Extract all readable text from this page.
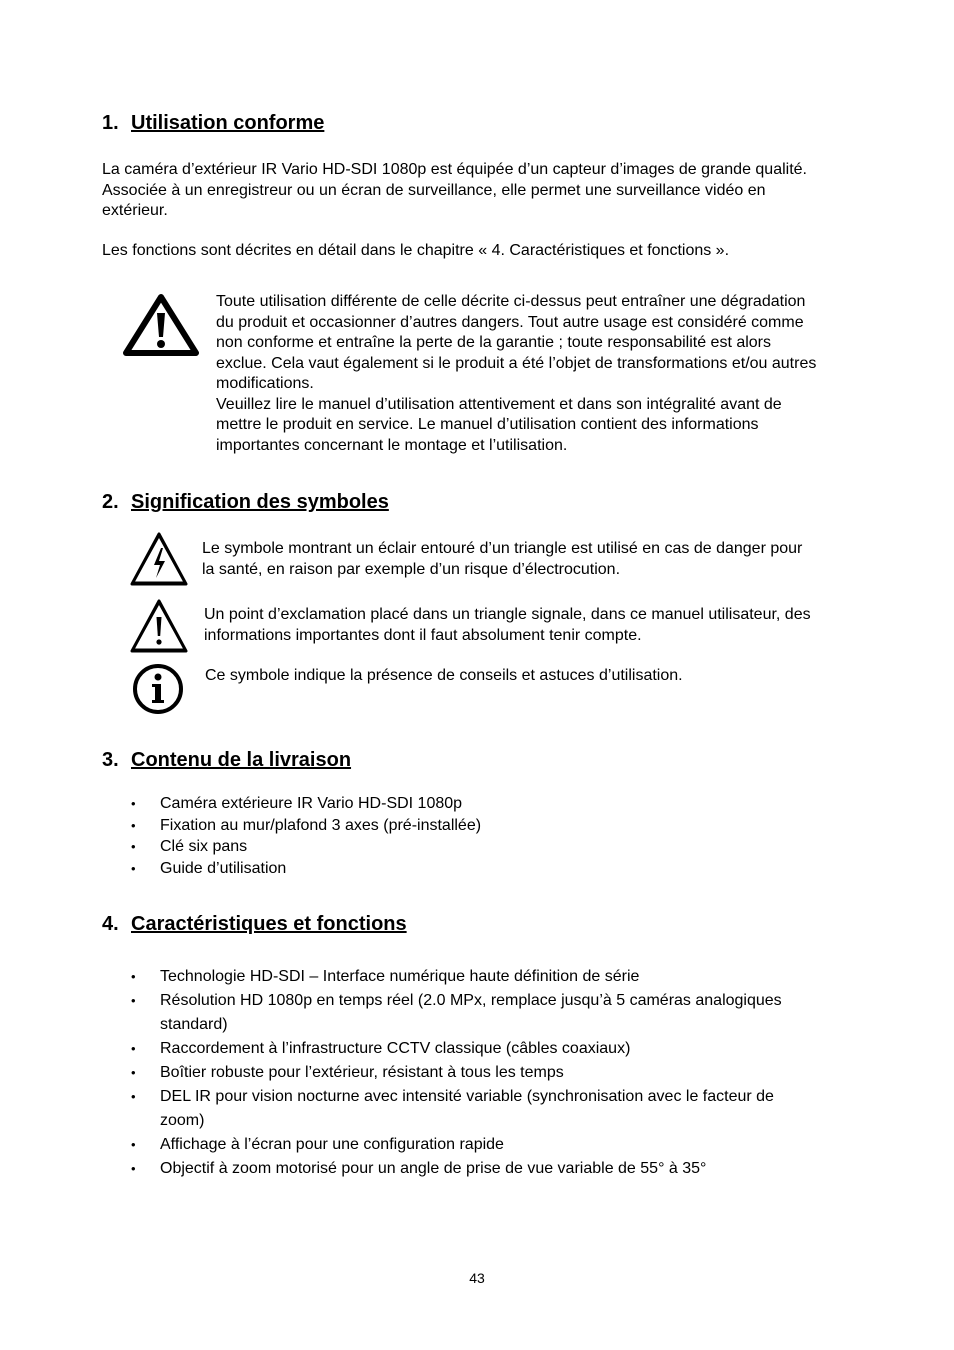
1. Utilisation conforme
La caméra d’extérieur IR Vario HD-SDI 1080p est équipée d’un capteur d’images de grande qualité.
Associée à un enregistreur ou un écran de surveillance, elle permet une surveillance vidéo en
extérieur.
Les fonctions sont décrites en détail dans le chapitre « 4. Caractéristiques et fonctions ».
Toute utilisation différente de celle décrite ci-dessus peut entraîner une dégradation
du produit et occasionner d’autres dangers. Tout autre usage est considéré comme
non conforme et entraîne la perte de la garantie ; toute responsabilité est alors
exclue. Cela vaut également si le produit a été l’objet de transformations et/ou autres
modifications.
Veuillez lire le manuel d’utilisation attentivement et dans son intégralité avant de
mettre le produit en service. Le manuel d’utilisation contient des informations
importantes concernant le montage et l’utilisation.
2. Signification des symboles
Le symbole montrant un éclair entouré d’un triangle est utilisé en cas de danger pour
la santé, en raison par exemple d’un risque d’électrocution.
Un point d’exclamation placé dans un triangle signale, dans ce manuel utilisateur, des
informations importantes dont il faut absolument tenir compte.
Ce symbole indique la présence de conseils et astuces d’utilisation.
3. Contenu de la livraison
• Caméra extérieure IR Vario HD-SDI 1080p
• Fixation au mur/plafond 3 axes (pré-installée)
• Clé six pans
• Guide d’utilisation
4. Caractéristiques et fonctions
• Technologie HD-SDI – Interface numérique haute définition de série
• Résolution HD 1080p en temps réel (2.0 MPx, remplace jusqu’à 5 caméras analogiques
standard)
• Raccordement à l’infrastructure CCTV classique (câbles coaxiaux)
• Boîtier robuste pour l’extérieur, résistant à tous les temps
• DEL IR pour vision nocturne avec intensité variable (synchronisation avec le facteur de
zoom)
• Affichage à l’écran pour une configuration rapide
• Objectif à zoom motorisé pour un angle de prise de vue variable de 55° à 35°
43
